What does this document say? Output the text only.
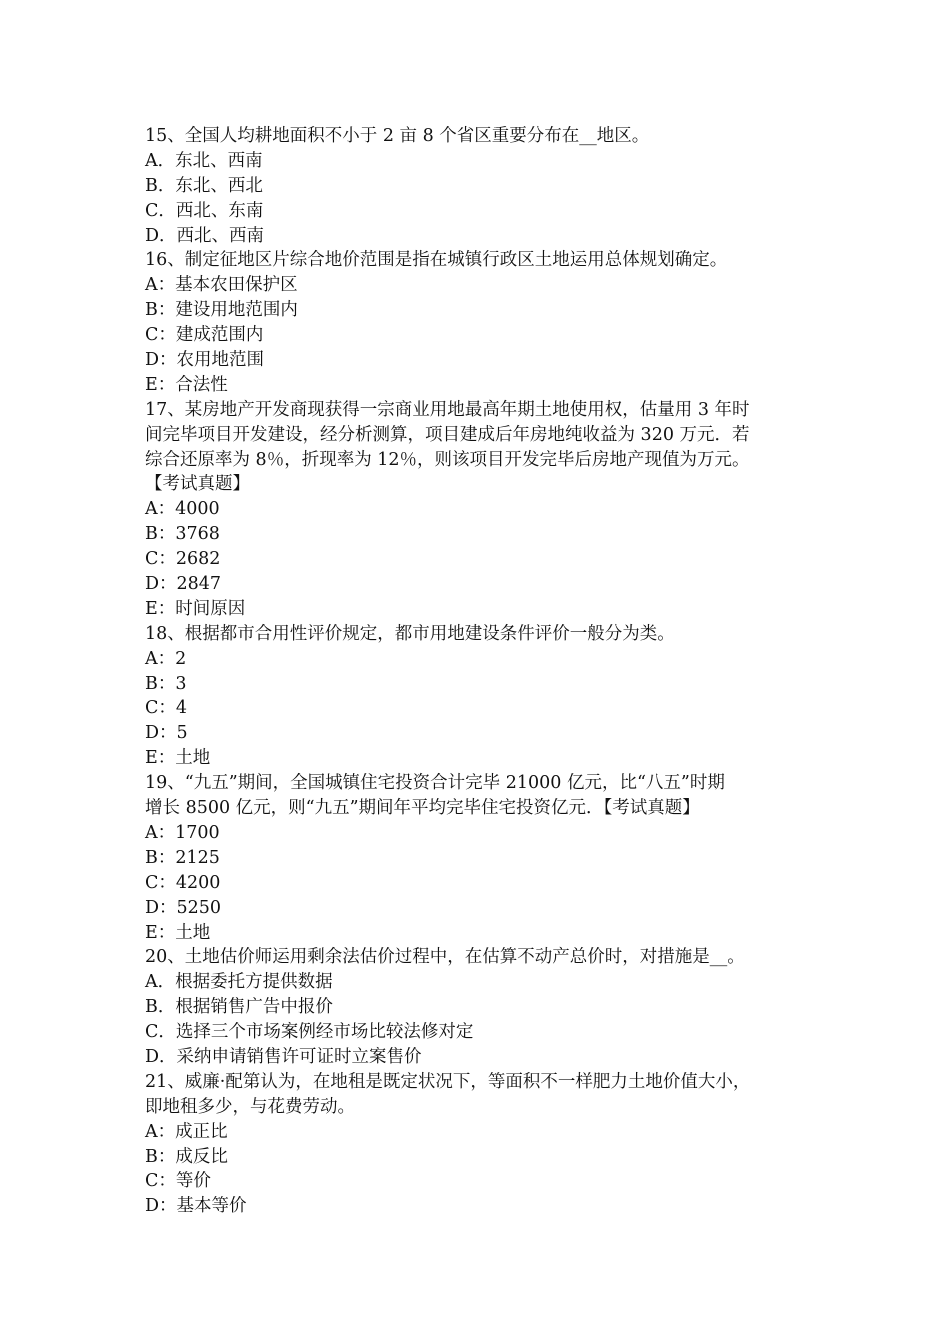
15、全国人均耕地面积不小于 2 亩 8 个省区重要分布在__地区。
A．东北、西南
B．东北、西北
C．西北、东南
D．西北、西南
16、制定征地区片综合地价范围是指在城镇行政区土地运用总体规划确定。
A：基本农田保护区
B：建设用地范围内
C：建成范围内
D：农用地范围
E：合法性
17、某房地产开发商现获得一宗商业用地最高年期土地使用权，估量用 3 年时
间完毕项目开发建设，经分析测算，项目建成后年房地纯收益为 320 万元．若
综合还原率为 8％，折现率为 12％，则该项目开发完毕后房地产现值为万元。
【考试真题】
A：4000
B：3768
C：2682
D：2847
E：时间原因
18、根据都市合用性评价规定，都市用地建设条件评价一般分为类。
A：2
B：3
C：4
D：5
E：土地
19、“九五”期间，全国城镇住宅投资合计完毕 21000 亿元，比“八五”时期
增长 8500 亿元，则“九五”期间年平均完毕住宅投资亿元．【考试真题】
A：1700
B：2125
C：4200
D：5250
E：土地
20、土地估价师运用剩余法估价过程中，在估算不动产总价时，对措施是__。
A．根据委托方提供数据
B．根据销售广告中报价
C．选择三个市场案例经市场比较法修对定
D．采纳申请销售许可证时立案售价
21、威廉·配第认为，在地租是既定状况下，等面积不一样肥力土地价值大小，
即地租多少，与花费劳动。
A：成正比
B：成反比
C：等价
D：基本等价
